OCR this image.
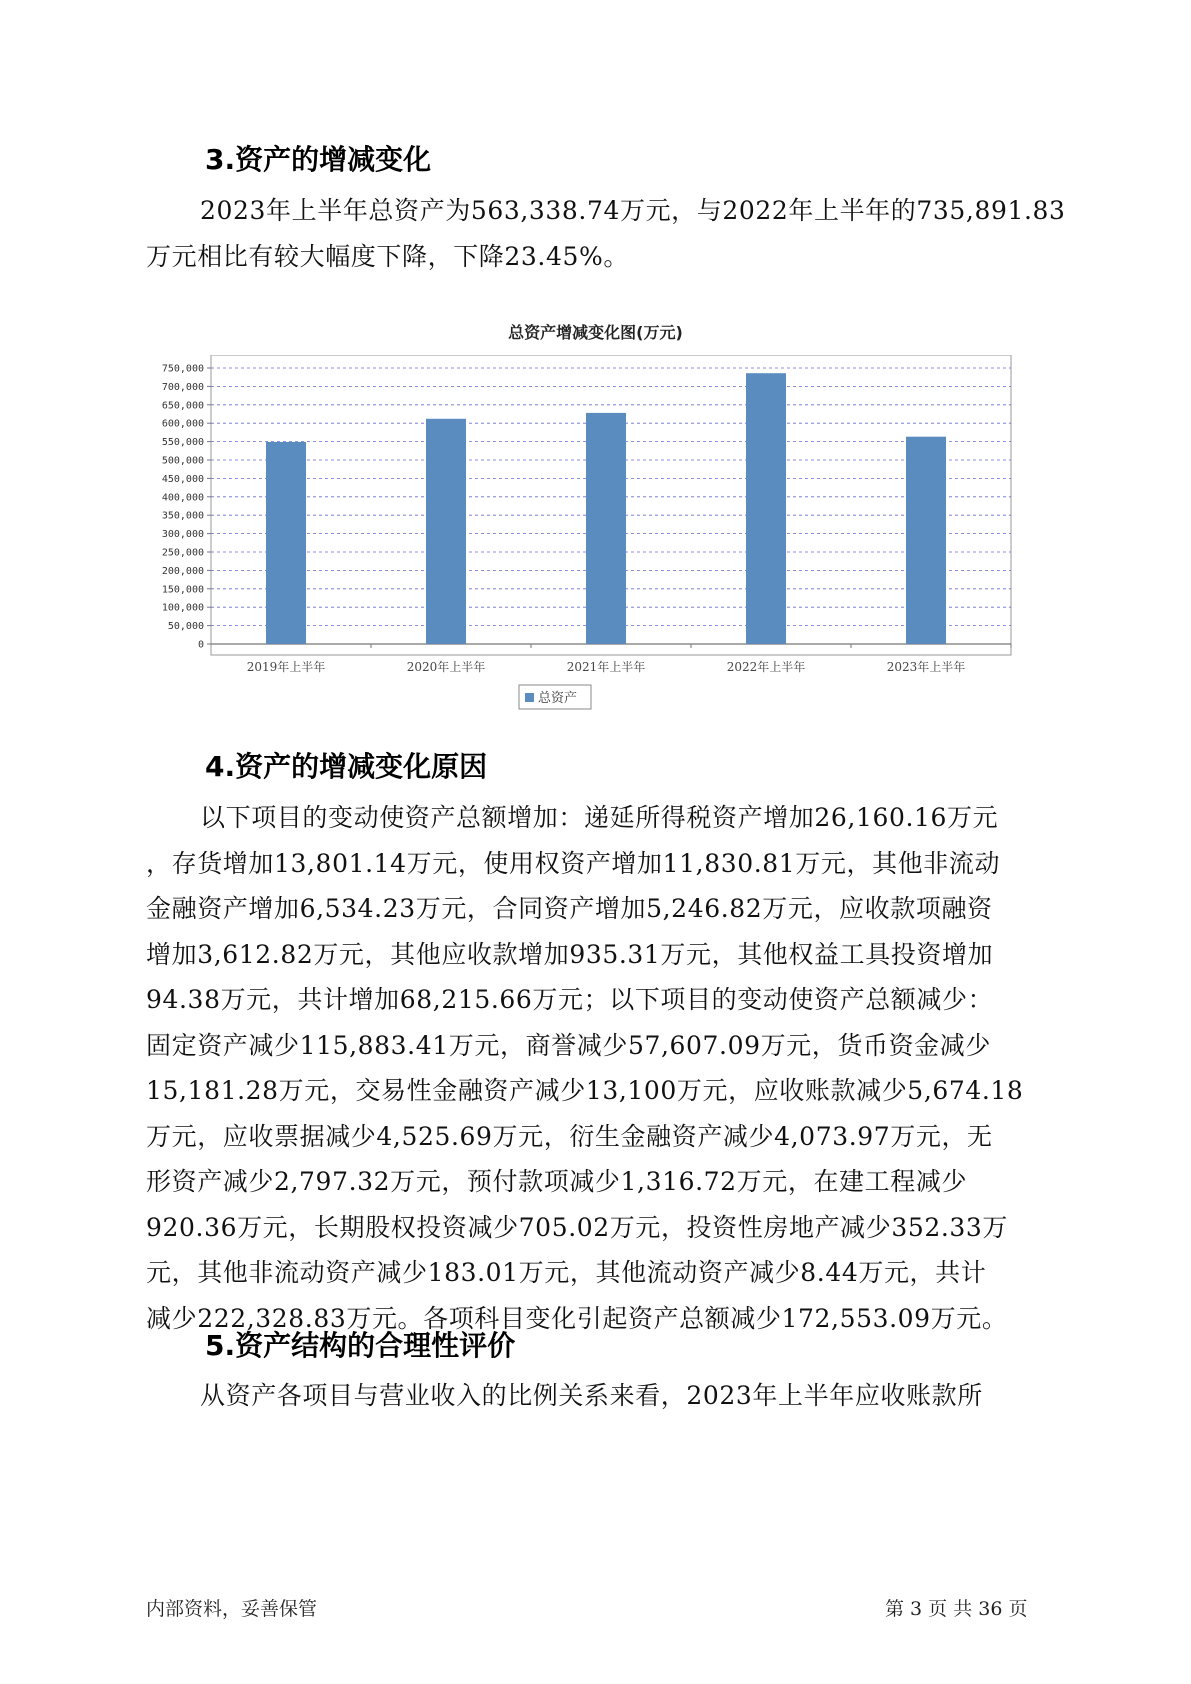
3.资产的增减变化
2023年上半年总资产为563,338.74万元，与2022年上半年的735,891.83
万元相比有较大幅度下降，下降23.45%。
总资产增减变化图(万元)
0
50,000
100,000
150,000
200,000
250,000
300,000
350,000
400,000
450,000
500,000
550,000
600,000
650,000
700,000
750,000
2019年上半年	2020年上半年	2021年上半年	2022年上半年	2023年上半年
总资产
4.资产的增减变化原因
以下项目的变动使资产总额增加：递延所得税资产增加26,160.16万元
，存货增加13,801.14万元，使用权资产增加11,830.81万元，其他非流动
金融资产增加6,534.23万元，合同资产增加5,246.82万元，应收款项融资
增加3,612.82万元，其他应收款增加935.31万元，其他权益工具投资增加
94.38万元，共计增加68,215.66万元；以下项目的变动使资产总额减少：
固定资产减少115,883.41万元，商誉减少57,607.09万元，货币资金减少
15,181.28万元，交易性金融资产减少13,100万元，应收账款减少5,674.18
万元，应收票据减少4,525.69万元，衍生金融资产减少4,073.97万元，无
形资产减少2,797.32万元，预付款项减少1,316.72万元，在建工程减少
920.36万元，长期股权投资减少705.02万元，投资性房地产减少352.33万
元，其他非流动资产减少183.01万元，其他流动资产减少8.44万元，共计
减少222,328.83万元。各项科目变化引起资产总额减少172,553.09万元。
5.资产结构的合理性评价
从资产各项目与营业收入的比例关系来看，2023年上半年应收账款所
内部资料，妥善保管	第 3 页 共 36 页
